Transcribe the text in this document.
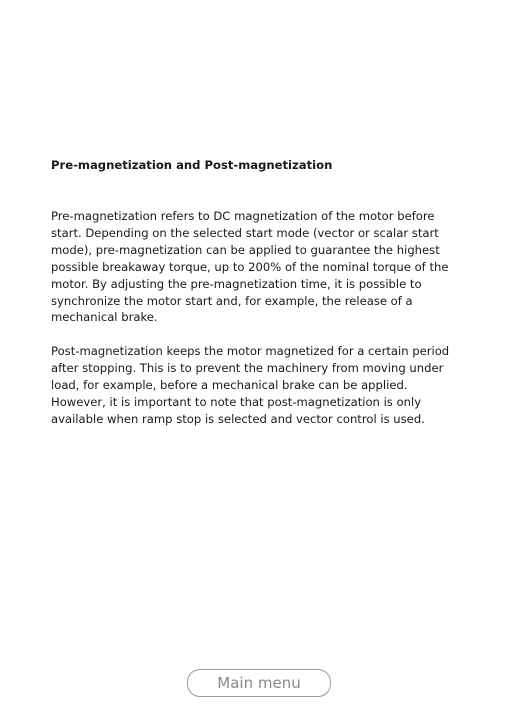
Pre-magnetization and Post-magnetization

Pre-magnetization refers to DC magnetization of the motor before start. Depending on the selected start mode (vector or scalar start mode), pre-magnetization can be applied to guarantee the highest possible breakaway torque, up to 200% of the nominal torque of the motor. By adjusting the pre-magnetization time, it is possible to synchronize the motor start and, for example, the release of a mechanical brake.

Post-magnetization keeps the motor magnetized for a certain period after stopping. This is to prevent the machinery from moving under load, for example, before a mechanical brake can be applied. However, it is important to note that post-magnetization is only available when ramp stop is selected and vector control is used.

Main menu
